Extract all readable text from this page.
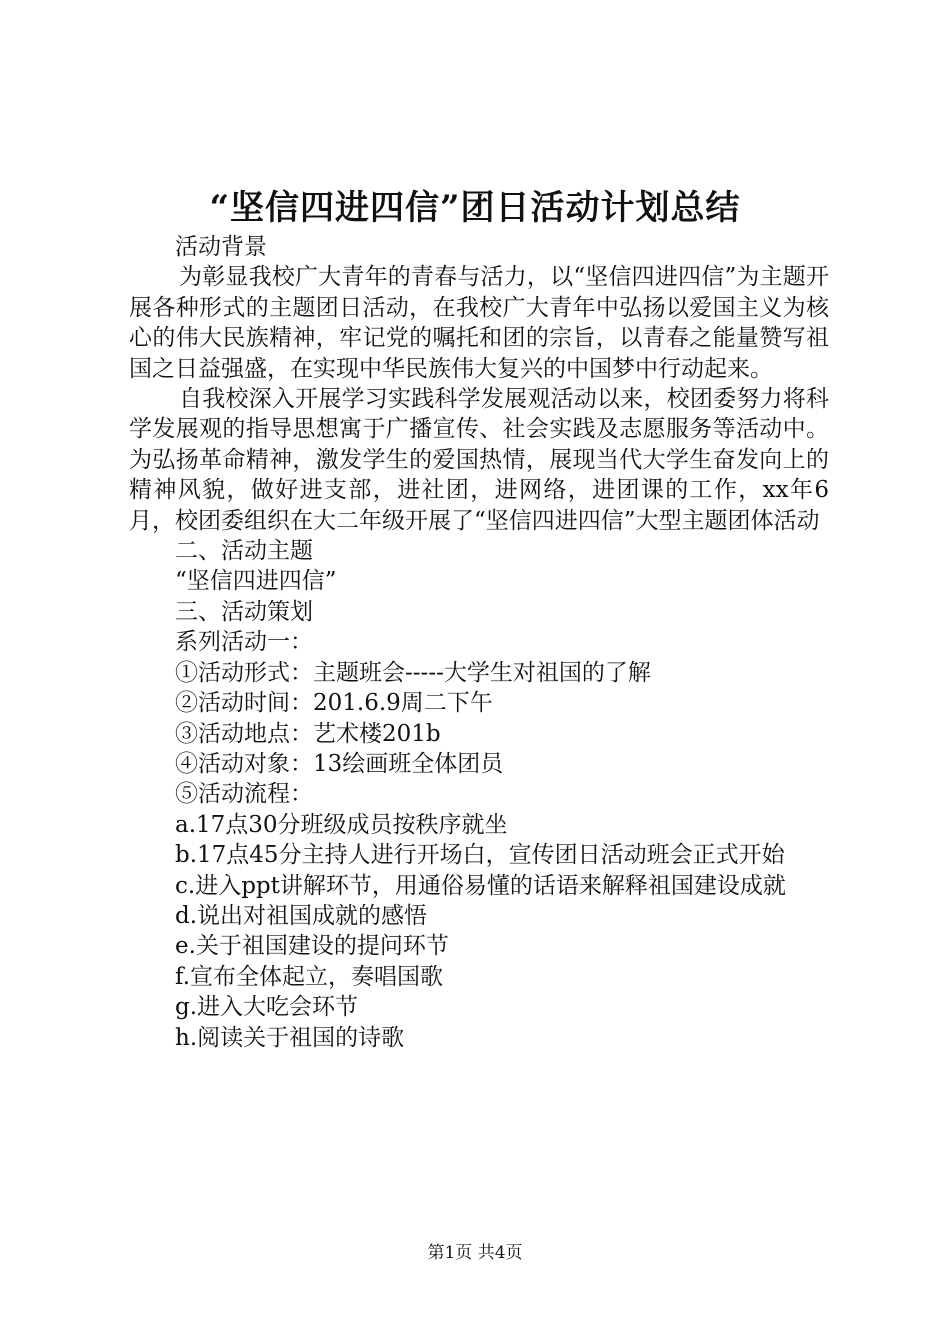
“坚信四进四信”团日活动计划总结

活动背景

为彰显我校广大青年的青春与活力，以“坚信四进四信”为主题开展各种形式的主题团日活动，在我校广大青年中弘扬以爱国主义为核心的伟大民族精神，牢记党的嘱托和团的宗旨，以青春之能量赞写祖国之日益强盛，在实现中华民族伟大复兴的中国梦中行动起来。

自我校深入开展学习实践科学发展观活动以来，校团委努力将科学发展观的指导思想寓于广播宣传、社会实践及志愿服务等活动中。为弘扬革命精神，激发学生的爱国热情，展现当代大学生奋发向上的精神风貌，做好进支部，进社团，进网络，进团课的工作，xx年6月，校团委组织在大二年级开展了“坚信四进四信”大型主题团体活动

二、活动主题

“坚信四进四信”

三、活动策划

系列活动一：

①活动形式：主题班会-----大学生对祖国的了解

②活动时间：201.6.9周二下午

③活动地点：艺术楼201b

④活动对象：13绘画班全体团员

⑤活动流程：

a.17点30分班级成员按秩序就坐

b.17点45分主持人进行开场白，宣传团日活动班会正式开始

c.进入ppt讲解环节，用通俗易懂的话语来解释祖国建设成就

d.说出对祖国成就的感悟

e.关于祖国建设的提问环节

f.宣布全体起立，奏唱国歌

g.进入大吃会环节

h.阅读关于祖国的诗歌

第1页 共4页
